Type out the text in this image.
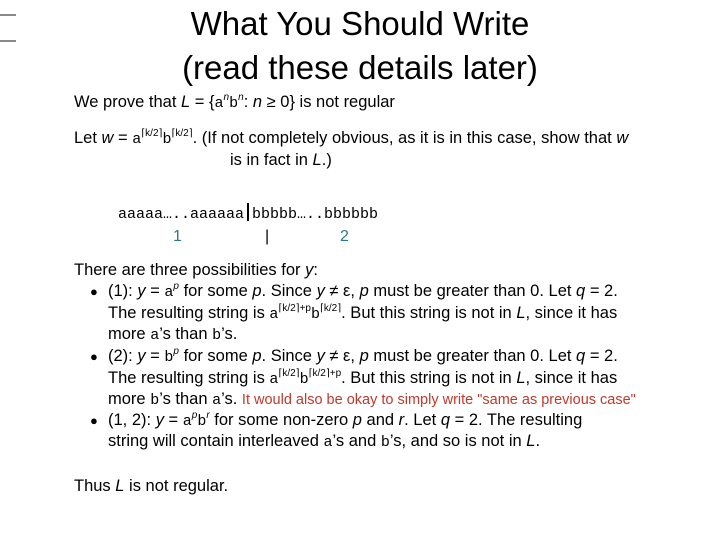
What You Should Write
(read these details later)
We prove that $L = \{a^nb^n$: n ≥ 0} is not regular
Let $w = a^{⌈k/2⌉}b^{⌈k/2⌉}$. (If not completely obvious, as it is in this case, show that w
is in fact in L.)
aaaaa…..aaaaaa bbbbb…..bbbbbb
1	|	2
There are three possibilities for y:
● (1): $y = a^p$ for some p. Since y ≠ ε, p must be greater than 0. Let q = 2.
The resulting string is $a^{⌈k/2⌉+p}b^{⌈k/2⌉}$. But this string is not in L, since it has
more a’s than b’s.
● (2): $y = b^p$ for some p. Since y ≠ ε, p must be greater than 0. Let q = 2.
The resulting string is $a^{⌈k/2⌉}b^{⌈k/2⌉+p}$. But this string is not in L, since it has
more b’s than a’s. It would also be okay to simply write "same as previous case"
● (1, 2): $y = a^pb^r$ for some non-zero p and r. Let q = 2. The resulting
string will contain interleaved a’s and b’s, and so is not in L.
Thus L is not regular.
